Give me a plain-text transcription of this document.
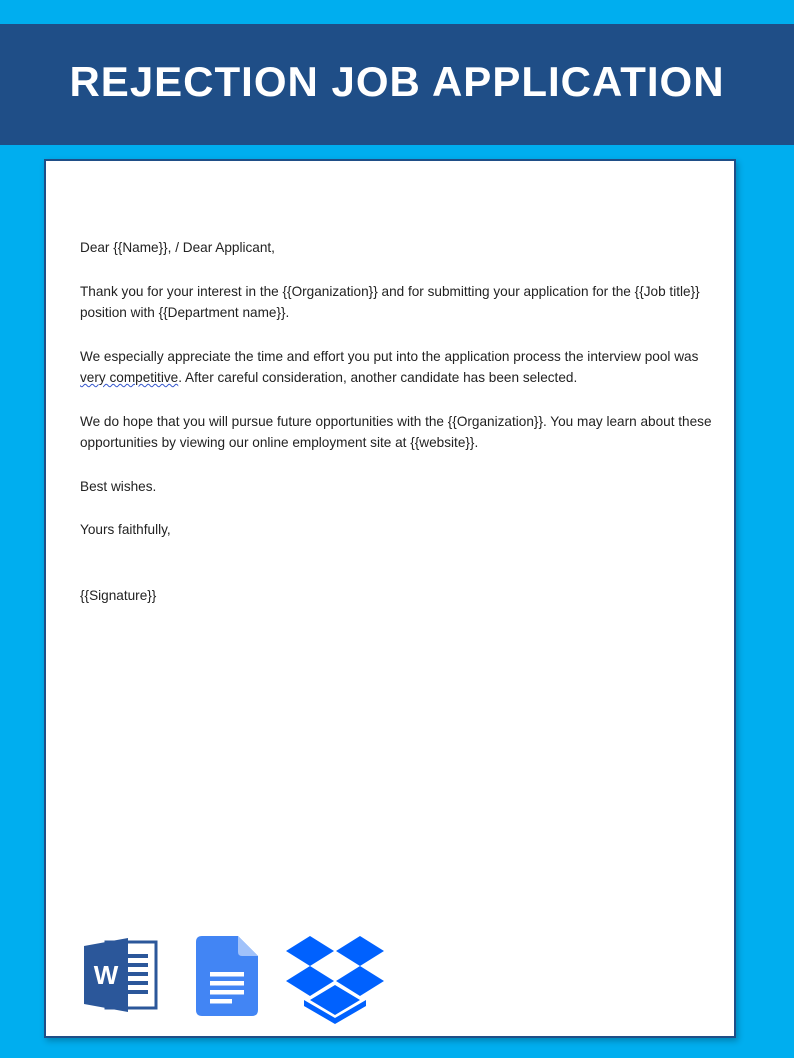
REJECTION JOB APPLICATION

Dear {{Name}}, / Dear Applicant,

Thank you for your interest in the {{Organization}} and for submitting your application for the {{Job title}} position with {{Department name}}.

We especially appreciate the time and effort you put into the application process the interview pool was very competitive. After careful consideration, another candidate has been selected.

We do hope that you will pursue future opportunities with the {{Organization}}. You may learn about these opportunities by viewing our online employment site at {{website}}.

Best wishes.

Yours faithfully,

{{Signature}}

W
